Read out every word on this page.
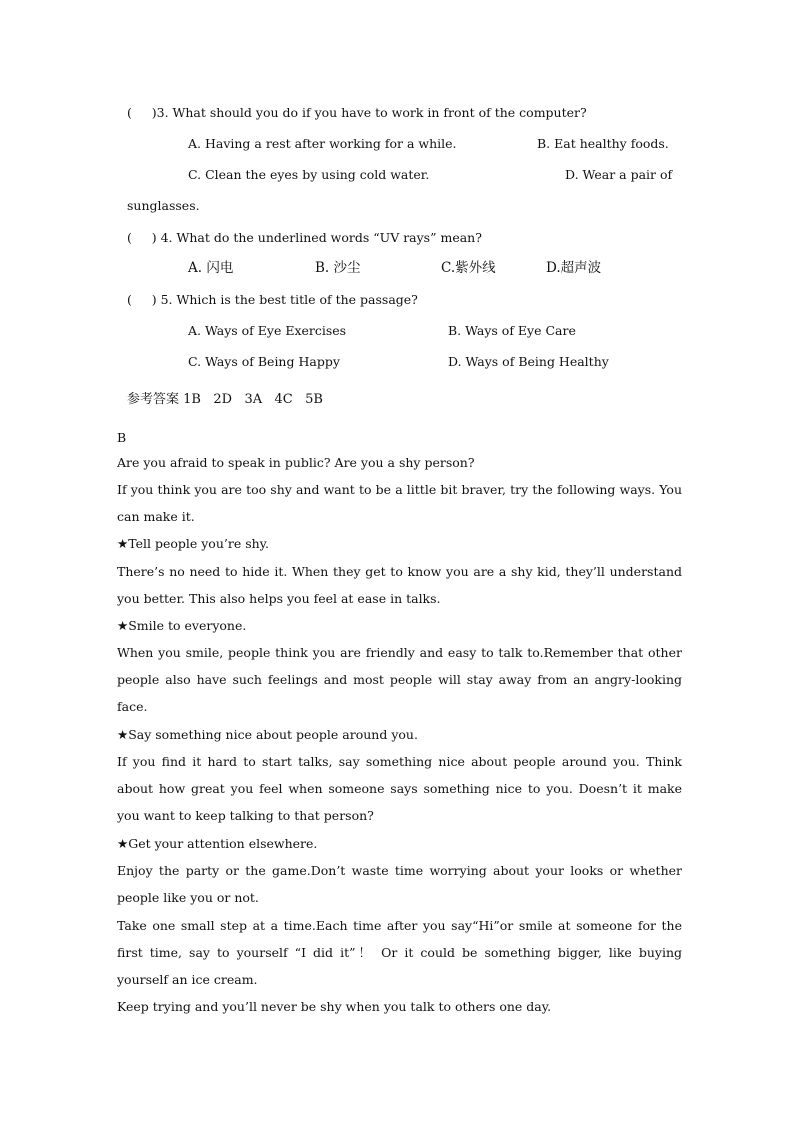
(     )3. What should you do if you have to work in front of the computer?
A. Having a rest after working for a while.	B. Eat healthy foods.
C. Clean the eyes by using cold water.	D. Wear a pair of
sunglasses.
(     ) 4. What do the underlined words “UV rays” mean?
A. 闪电	B. 沙尘	C.紫外线	D.超声波
(     ) 5. Which is the best title of the passage?
A. Ways of Eye Exercises	B. Ways of Eye Care
C. Ways of Being Happy	D. Ways of Being Healthy
参考答案 1B   2D   3A   4C   5B
B
Are you afraid to speak in public? Are you a shy person?
If you think you are too shy and want to be a little bit braver, try the following ways. You can make it.
★Tell people you’re shy.
There’s no need to hide it. When they get to know you are a shy kid, they’ll understand you better. This also helps you feel at ease in talks.
★Smile to everyone.
When you smile, people think you are friendly and easy to talk to.Remember that other people also have such feelings and most people will stay away from an angry-looking face.
★Say something nice about people around you.
If you find it hard to start talks, say something nice about people around you. Think about how great you feel when someone says something nice to you. Doesn’t it make you want to keep talking to that person?
★Get your attention elsewhere.
Enjoy the party or the game.Don’t waste time worrying about your looks or whether people like you or not.
Take one small step at a time.Each time after you say“Hi”or smile at someone for the first time, say to yourself “I did it”！ Or it could be something bigger, like buying yourself an ice cream.
Keep trying and you’ll never be shy when you talk to others one day.
